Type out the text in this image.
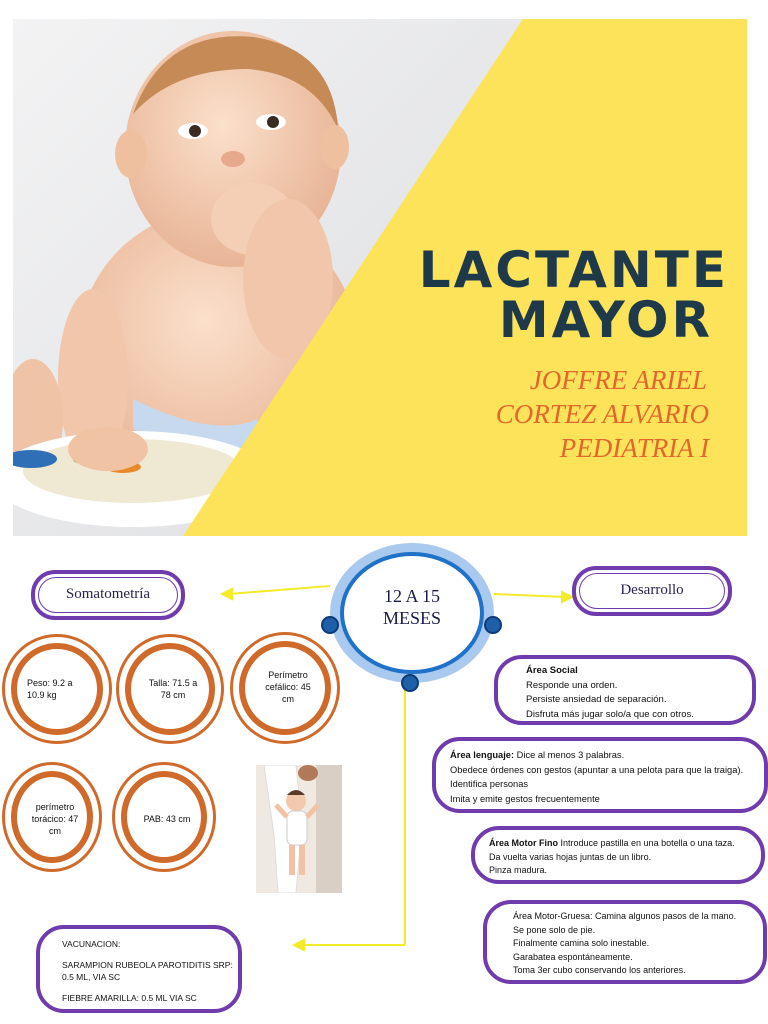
LACTANTE
MAYOR
JOFFRE ARIEL
CORTEZ ALVARIO
PEDIATRIA I
12 A 15
MESES
Somatometría
Peso: 9.2 a
10.9 kg
Talla: 71.5 a
78 cm
Perímetro
cefálico: 45
cm
perímetro
torácico: 47
cm
PAB: 43 cm
Desarrollo
Área Social
Responde una orden.
Persiste ansiedad de separación.
Disfruta más jugar solo/a que con otros.
Área lenguaje: Dice al menos 3 palabras.
Obedece órdenes con gestos (apuntar a una pelota para que la traiga).
Identifica personas
Imita y emite gestos frecuentemente
Área Motor Fino Introduce pastilla en una botella o una taza.
Da vuelta varias hojas juntas de un libro.
Pinza madura.
Área Motor-Gruesa: Camina algunos pasos de la mano.
Se pone solo de pie.
Finalmente camina solo inestable.
Garabatea espontáneamente.
Toma 3er cubo conservando los anteriores.
VACUNACION:
SARAMPION RUBEOLA PAROTIDITIS SRP:
0.5 ML, VIA SC
FIEBRE AMARILLA: 0.5 ML VIA SC
